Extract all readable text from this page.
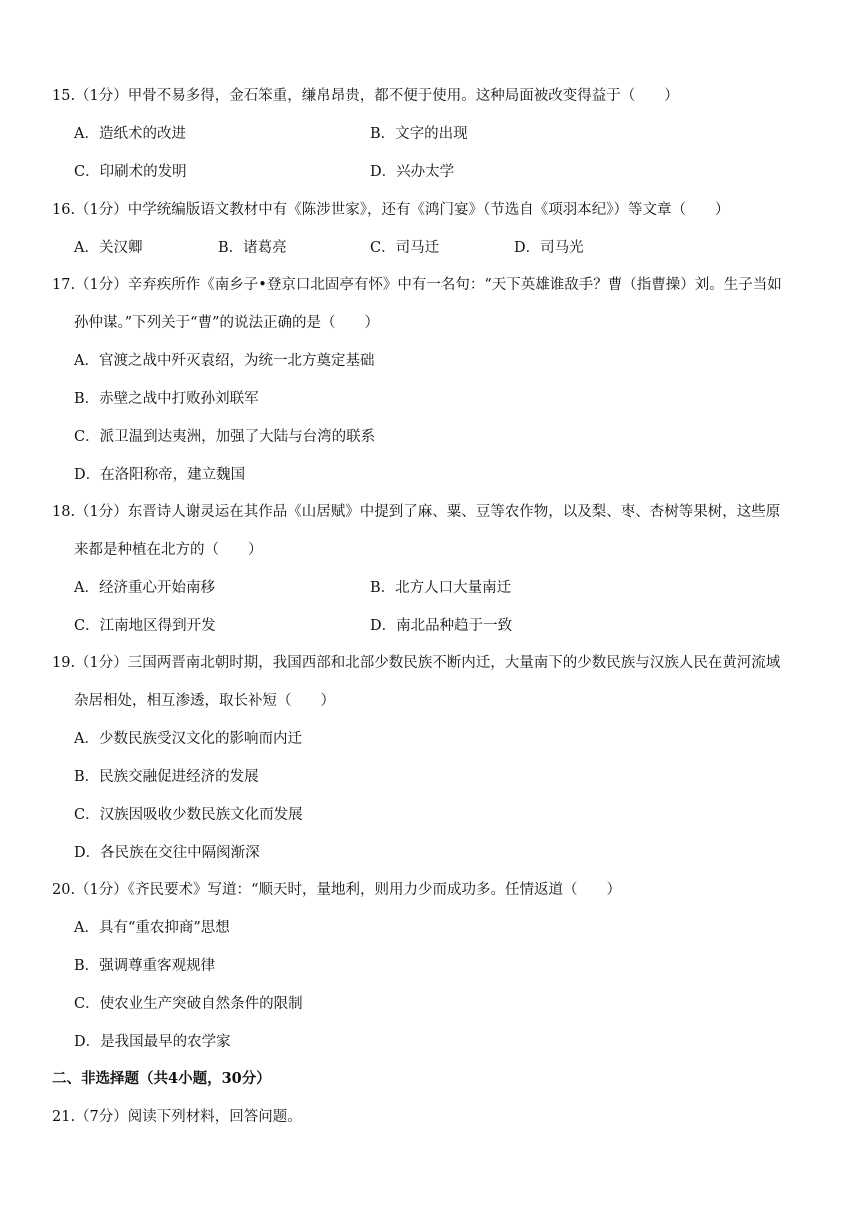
15.（1分）甲骨不易多得，金石笨重，缣帛昂贵，都不便于使用。这种局面被改变得益于（　　）
A．造纸术的改进	B．文字的出现
C．印刷术的发明	D．兴办太学
16.（1分）中学统编版语文教材中有《陈涉世家》，还有《鸿门宴》（节选自《项羽本纪》）等文章（　　）
A．关汉卿	B．诸葛亮	C．司马迁	D．司马光
17.（1分）辛弃疾所作《南乡子•登京口北固亭有怀》中有一名句：“天下英雄谁敌手？曹（指曹操）刘。生子当如
孙仲谋。”下列关于“曹”的说法正确的是（　　）
A．官渡之战中歼灭袁绍，为统一北方奠定基础
B．赤壁之战中打败孙刘联军
C．派卫温到达夷洲，加强了大陆与台湾的联系
D．在洛阳称帝，建立魏国
18.（1分）东晋诗人谢灵运在其作品《山居赋》中提到了麻、粟、豆等农作物，以及梨、枣、杏树等果树，这些原
来都是种植在北方的（　　）
A．经济重心开始南移	B．北方人口大量南迁
C．江南地区得到开发	D．南北品种趋于一致
19.（1分）三国两晋南北朝时期，我国西部和北部少数民族不断内迁，大量南下的少数民族与汉族人民在黄河流域
杂居相处，相互渗透，取长补短（　　）
A．少数民族受汉文化的影响而内迁
B．民族交融促进经济的发展
C．汉族因吸收少数民族文化而发展
D．各民族在交往中隔阂渐深
20.（1分）《齐民要术》写道：“顺天时，量地利，则用力少而成功多。任情返道（　　）
A．具有“重农抑商”思想
B．强调尊重客观规律
C．使农业生产突破自然条件的限制
D．是我国最早的农学家
二、非选择题（共4小题，30分）
21.（7分）阅读下列材料，回答问题。
